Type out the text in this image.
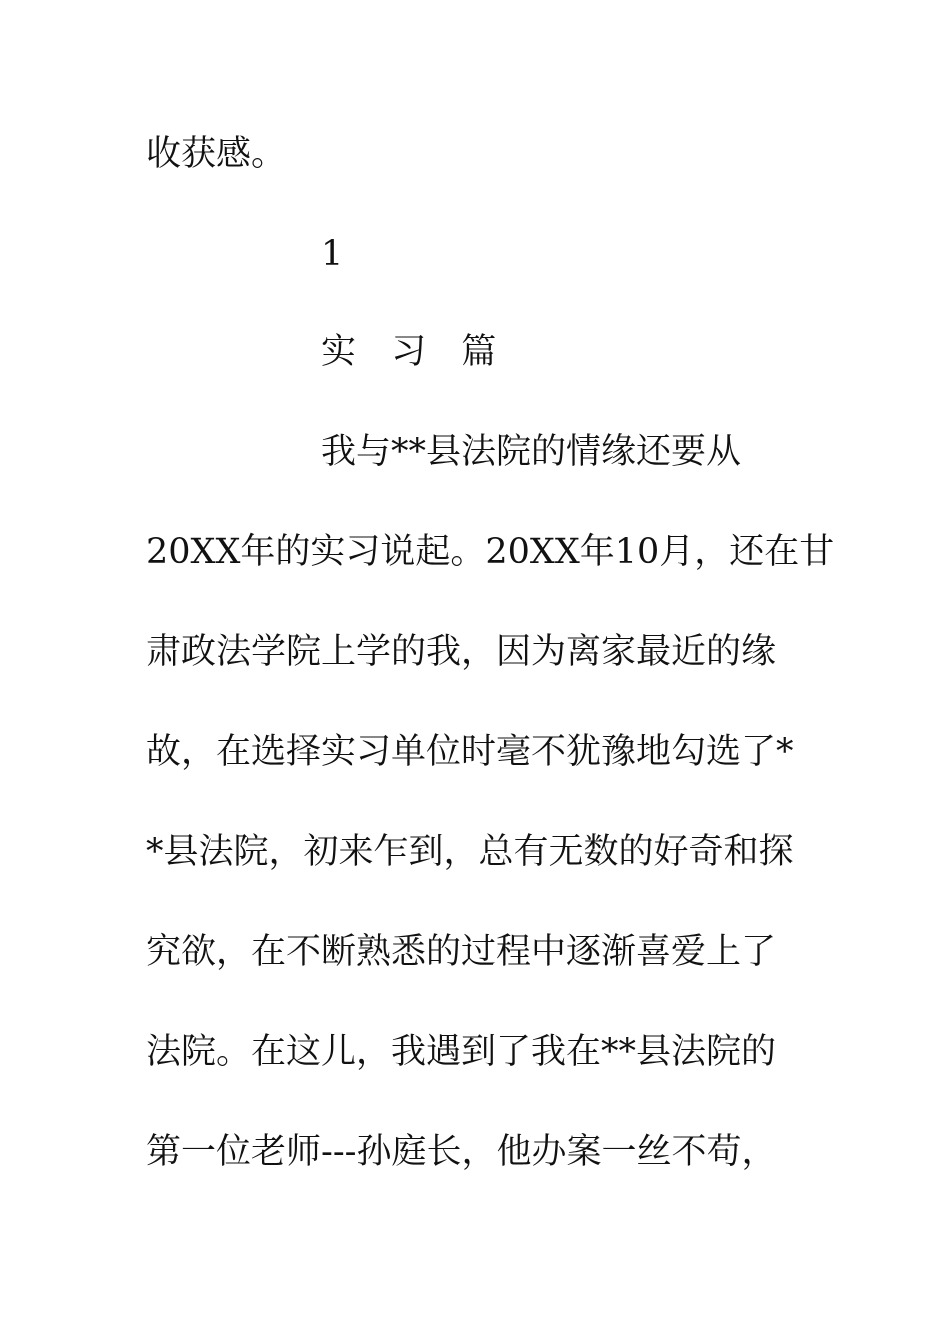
收获感。
1
实 习 篇
我与**县法院的情缘还要从
20XX年的实习说起。20XX年10月，还在甘
肃政法学院上学的我，因为离家最近的缘
故，在选择实习单位时毫不犹豫地勾选了*
*县法院，初来乍到，总有无数的好奇和探
究欲，在不断熟悉的过程中逐渐喜爱上了
法院。在这儿，我遇到了我在**县法院的
第一位老师---孙庭长，他办案一丝不苟，
